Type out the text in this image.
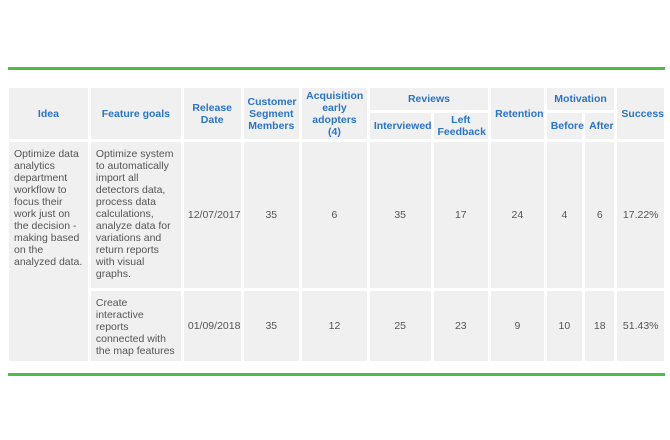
Idea	Feature goals	Release Date	Customer Segment Members	Acquisition early adopters (4)	Reviews		Retention	Motivation		Success
					Interviewed	Left Feedback		Before	After	
Optimize data analytics department workflow to focus their work just on the decision - making based on the analyzed data.	Optimize system to automatically import all detectors data, process data calculations, analyze data for variations and return reports with visual graphs.	12/07/2017	35	6	35	17	24	4	6	17.22%
	Create interactive reports connected with the map features	01/09/2018	35	12	25	23	9	10	18	51.43%
